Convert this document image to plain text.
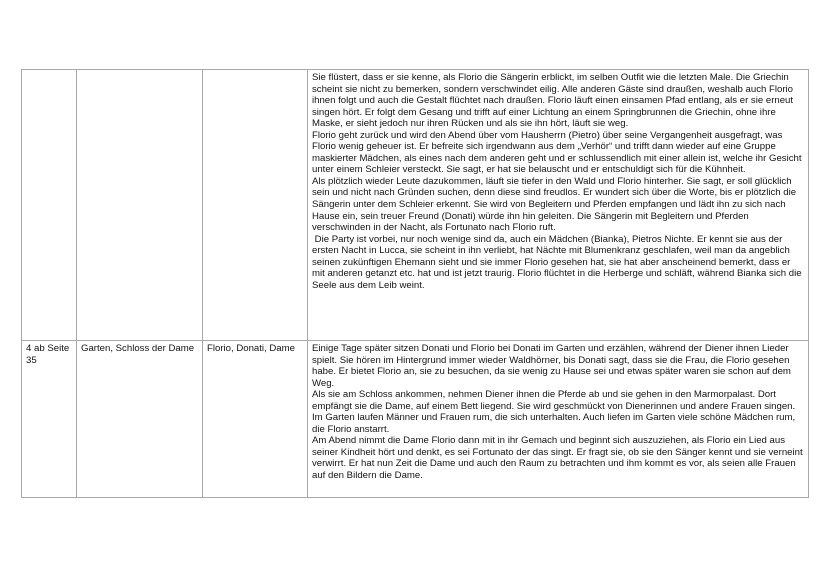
			Sie flüstert, dass er sie kenne, als Florio die Sängerin erblickt, im selben Outfit wie die letzten Male. Die Griechin scheint sie nicht zu bemerken, sondern verschwindet eilig. Alle anderen Gäste sind draußen, weshalb auch Florio ihnen folgt und auch die Gestalt flüchtet nach draußen. Florio läuft einen einsamen Pfad entlang, als er sie erneut singen hört. Er folgt dem Gesang und trifft auf einer Lichtung an einem Springbrunnen die Griechin, ohne ihre Maske, er sieht jedoch nur ihren Rücken und als sie ihn hört, läuft sie weg.

Florio geht zurück und wird den Abend über vom Hausherrn (Pietro) über seine Vergangenheit ausgefragt, was Florio wenig geheuer ist. Er befreite sich irgendwann aus dem „Verhör“ und trifft dann wieder auf eine Gruppe maskierter Mädchen, als eines nach dem anderen geht und er schlussendlich mit einer allein ist, welche ihr Gesicht unter einem Schleier versteckt. Sie sagt, er hat sie belauscht und er entschuldigt sich für die Kühnheit.

Als plötzlich wieder Leute dazukommen, läuft sie tiefer in den Wald und Florio hinterher. Sie sagt, er soll glücklich sein und nicht nach Gründen suchen, denn diese sind freudlos. Er wundert sich über die Worte, bis er plötzlich die Sängerin unter dem Schleier erkennt. Sie wird von Begleitern und Pferden empfangen und lädt ihn zu sich nach Hause ein, sein treuer Freund (Donati) würde ihn hin geleiten. Die Sängerin mit Begleitern und Pferden verschwinden in der Nacht, als Fortunato nach Florio ruft.

Die Party ist vorbei, nur noch wenige sind da, auch ein Mädchen (Bianka), Pietros Nichte. Er kennt sie aus der ersten Nacht in Lucca, sie scheint in ihn verliebt, hat Nächte mit Blumenkranz geschlafen, weil man da angeblich seinen zukünftigen Ehemann sieht und sie immer Florio gesehen hat, sie hat aber anscheinend bemerkt, dass er mit anderen getanzt etc. hat und ist jetzt traurig. Florio flüchtet in die Herberge und schläft, während Bianka sich die Seele aus dem Leib weint.

4 ab Seite 35	Garten, Schloss der Dame	Florio, Donati, Dame	Einige Tage später sitzen Donati und Florio bei Donati im Garten und erzählen, während der Diener ihnen Lieder spielt. Sie hören im Hintergrund immer wieder Waldhörner, bis Donati sagt, dass sie die Frau, die Florio gesehen habe. Er bietet Florio an, sie zu besuchen, da sie wenig zu Hause sei und etwas später waren sie schon auf dem Weg.

Als sie am Schloss ankommen, nehmen Diener ihnen die Pferde ab und sie gehen in den Marmorpalast. Dort empfängt sie die Dame, auf einem Bett liegend. Sie wird geschmückt von Dienerinnen und andere Frauen singen. Im Garten laufen Männer und Frauen rum, die sich unterhalten. Auch liefen im Garten viele schöne Mädchen rum, die Florio anstarrt.

Am Abend nimmt die Dame Florio dann mit in ihr Gemach und beginnt sich auszuziehen, als Florio ein Lied aus seiner Kindheit hört und denkt, es sei Fortunato der das singt. Er fragt sie, ob sie den Sänger kennt und sie verneint verwirrt. Er hat nun Zeit die Dame und auch den Raum zu betrachten und ihm kommt es vor, als seien alle Frauen auf den Bildern die Dame.
